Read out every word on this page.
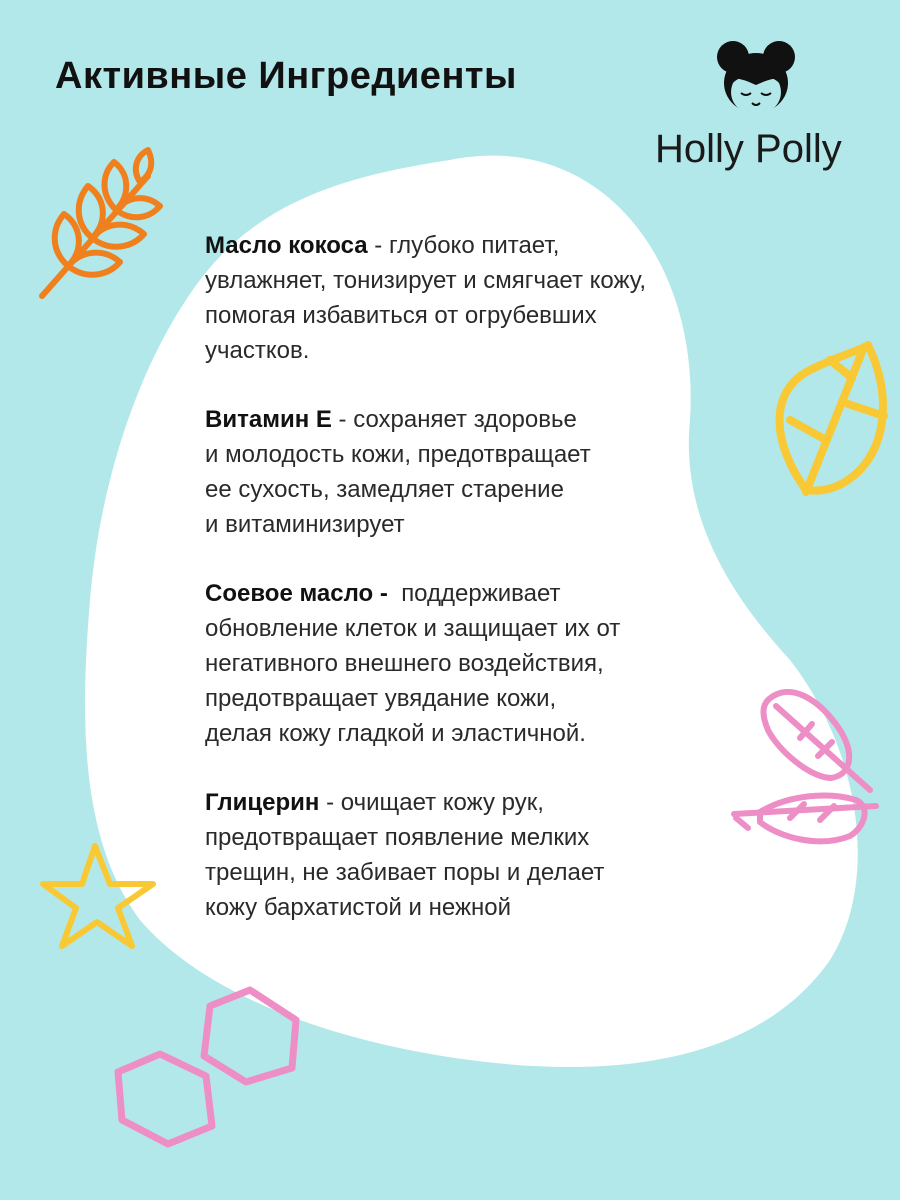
Активные Ингредиенты
Holly Polly
Масло кокоса - глубоко питает,
увлажняет, тонизирует и смягчает кожу,
помогая избавиться от огрубевших
участков.
Витамин Е - сохраняет здоровье
и молодость кожи, предотвращает
ее сухость, замедляет старение
и витаминизирует
Соевое масло - поддерживает
обновление клеток и защищает их от
негативного внешнего воздействия,
предотвращает увядание кожи,
делая кожу гладкой и эластичной.
Глицерин - очищает кожу рук,
предотвращает появление мелких
трещин, не забивает поры и делает
кожу бархатистой и нежной
